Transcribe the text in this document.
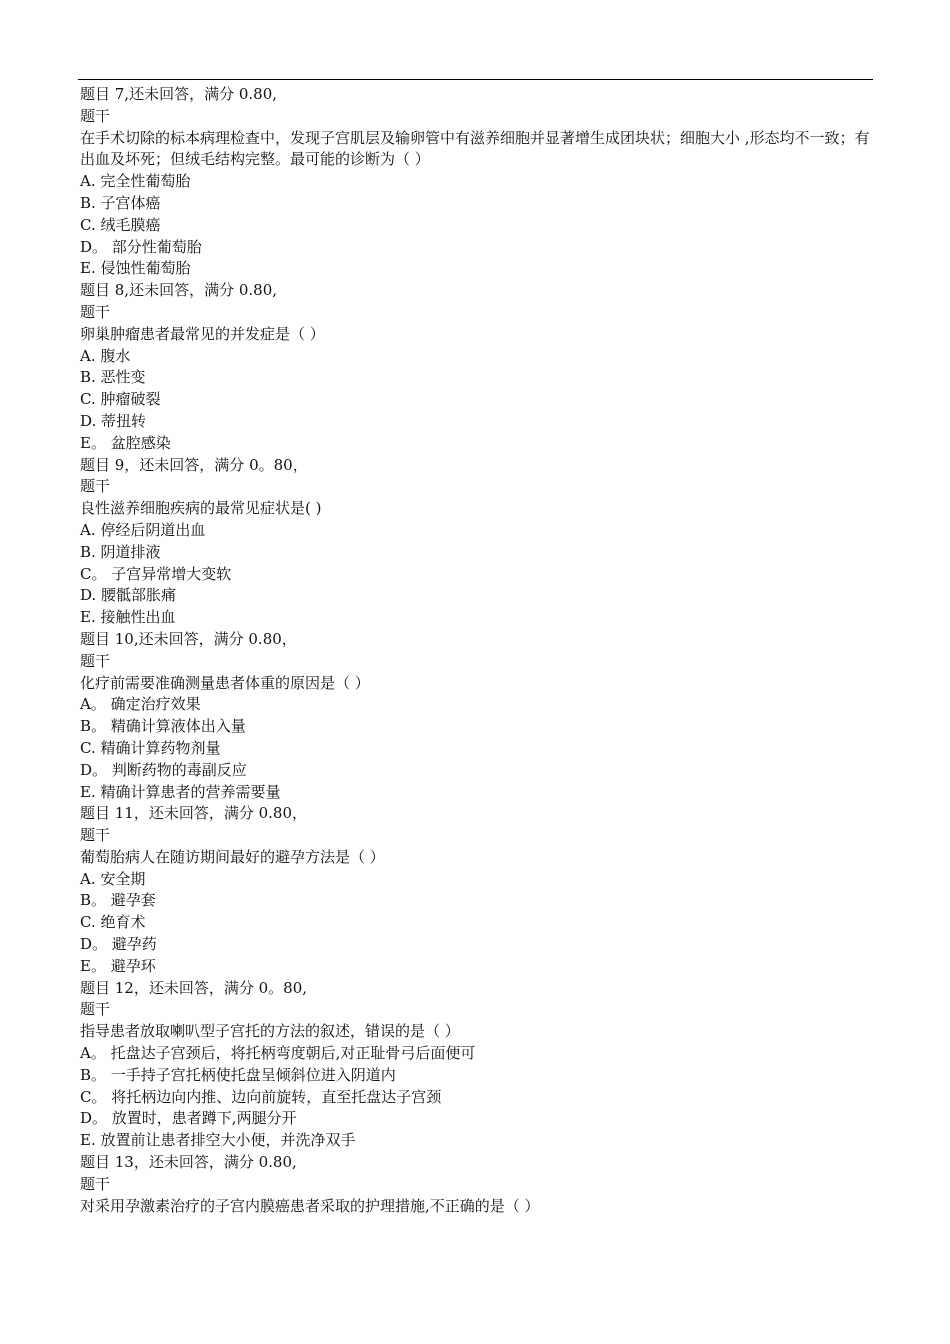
题目 7,还未回答，满分 0.80,
题干
在手术切除的标本病理检查中，发现子宫肌层及输卵管中有滋养细胞并显著增生成团块状；细胞大小 ,形态均不一致；有出血及坏死；但绒毛结构完整。最可能的诊断为（ ）
A. 完全性葡萄胎
B. 子宫体癌
C. 绒毛膜癌
D。 部分性葡萄胎
E. 侵蚀性葡萄胎
题目 8,还未回答，满分 0.80,
题干
卵巢肿瘤患者最常见的并发症是（ ）
A. 腹水
B. 恶性变
C. 肿瘤破裂
D. 蒂扭转
E。 盆腔感染
题目 9，还未回答，满分 0。80，
题干
良性滋养细胞疾病的最常见症状是( )
A. 停经后阴道出血
B. 阴道排液
C。 子宫异常增大变软
D. 腰骶部胀痛
E. 接触性出血
题目 10,还未回答，满分 0.80，
题干
化疗前需要准确测量患者体重的原因是（ ）
A。 确定治疗效果
B。 精确计算液体出入量
C. 精确计算药物剂量
D。 判断药物的毒副反应
E. 精确计算患者的营养需要量
题目 11，还未回答，满分 0.80，
题干
葡萄胎病人在随访期间最好的避孕方法是（ ）
A. 安全期
B。 避孕套
C. 绝育术
D。 避孕药
E。 避孕环
题目 12，还未回答，满分 0。80,
题干
指导患者放取喇叭型子宫托的方法的叙述，错误的是（ ）
A。 托盘达子宫颈后，将托柄弯度朝后,对正耻骨弓后面便可
B。 一手持子宫托柄使托盘呈倾斜位进入阴道内
C。 将托柄边向内推、边向前旋转，直至托盘达子宫颈
D。 放置时，患者蹲下,两腿分开
E. 放置前让患者排空大小便，并洗净双手
题目 13，还未回答，满分 0.80,
题干
对采用孕激素治疗的子宫内膜癌患者采取的护理措施,不正确的是（ ）
